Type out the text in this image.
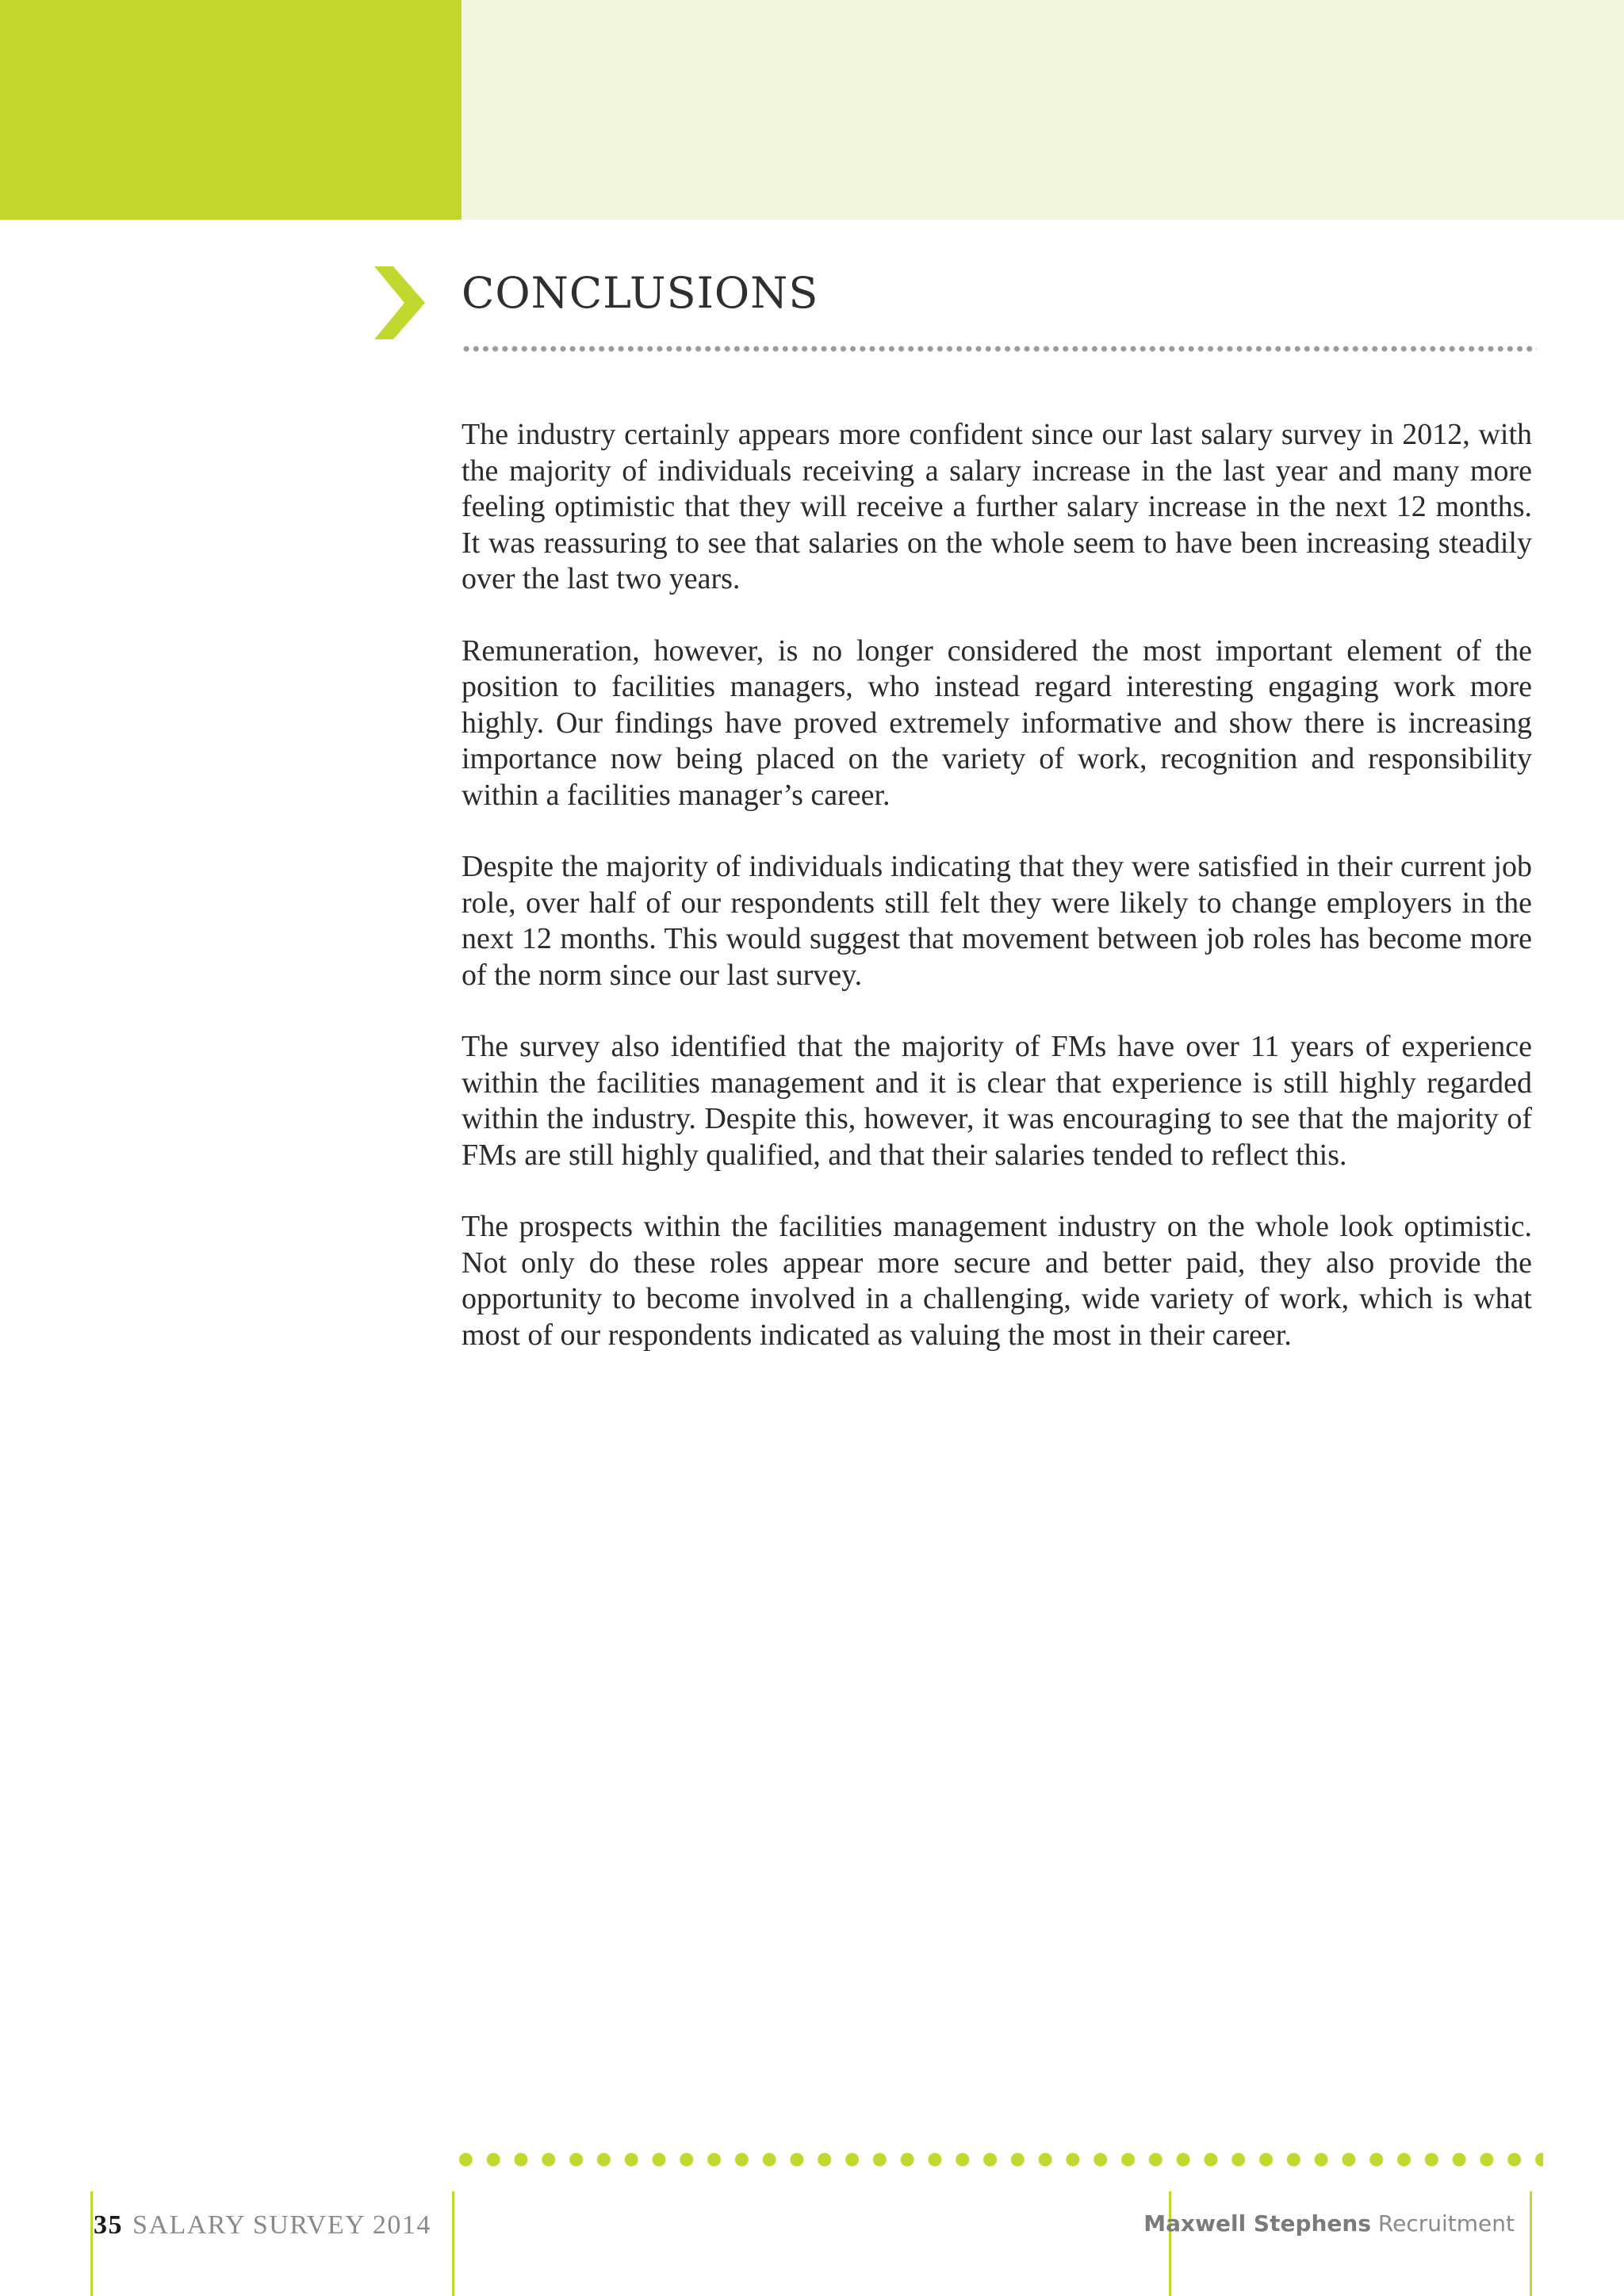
CONCLUSIONS

The industry certainly appears more confident since our last salary survey in 2012, with the majority of individuals receiving a salary increase in the last year and many more feeling optimistic that they will receive a further salary increase in the next 12 months. It was reassuring to see that salaries on the whole seem to have been increasing steadily over the last two years.

Remuneration, however, is no longer considered the most important element of the position to facilities managers, who instead regard interesting engaging work more highly. Our findings have proved extremely informative and show there is increasing importance now being placed on the variety of work, recognition and responsibility within a facilities manager’s career.

Despite the majority of individuals indicating that they were satisfied in their current job role, over half of our respondents still felt they were likely to change employers in the next 12 months. This would suggest that movement between job roles has become more of the norm since our last survey.

The survey also identified that the majority of FMs have over 11 years of experience within the facilities management and it is clear that experience is still highly regarded within the industry. Despite this, however, it was encouraging to see that the majority of FMs are still highly qualified, and that their salaries tended to reflect this.

The prospects within the facilities management industry on the whole look optimistic. Not only do these roles appear more secure and better paid, they also provide the opportunity to become involved in a challenging, wide variety of work, which is what most of our respondents indicated as valuing the most in their career.

35 SALARY SURVEY 2014	Maxwell Stephens Recruitment
